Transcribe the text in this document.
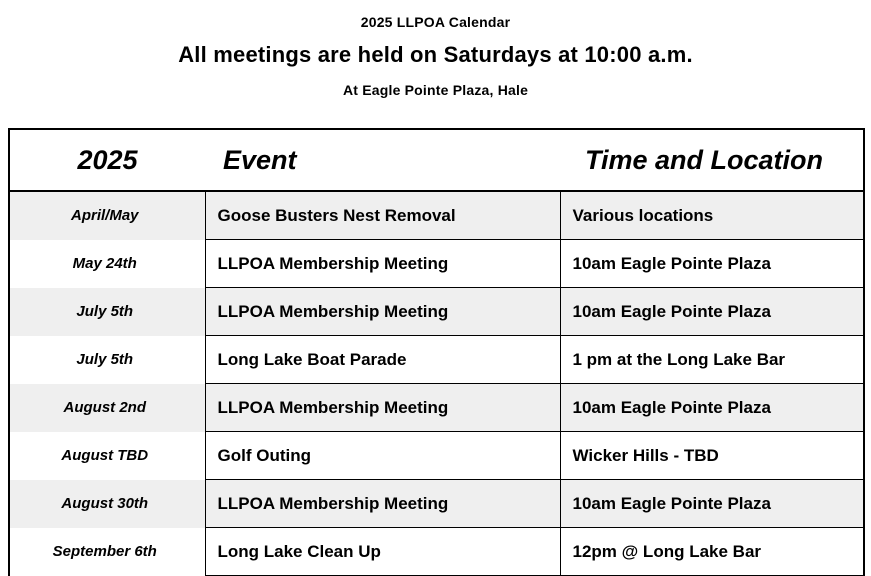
2025 LLPOA Calendar
All meetings are held on Saturdays at 10:00 a.m.
At Eagle Pointe Plaza, Hale
2025	Event	Time and Location
April/May	Goose Busters Nest Removal	Various locations
May 24th	LLPOA Membership Meeting	10am Eagle Pointe Plaza
July 5th	LLPOA Membership Meeting	10am Eagle Pointe Plaza
July 5th	Long Lake Boat Parade	1 pm at the Long Lake Bar
August 2nd	LLPOA Membership Meeting	10am Eagle Pointe Plaza
August TBD	Golf Outing	Wicker Hills - TBD
August 30th	LLPOA Membership Meeting	10am Eagle Pointe Plaza
September 6th	Long Lake Clean Up	12pm @ Long Lake Bar
